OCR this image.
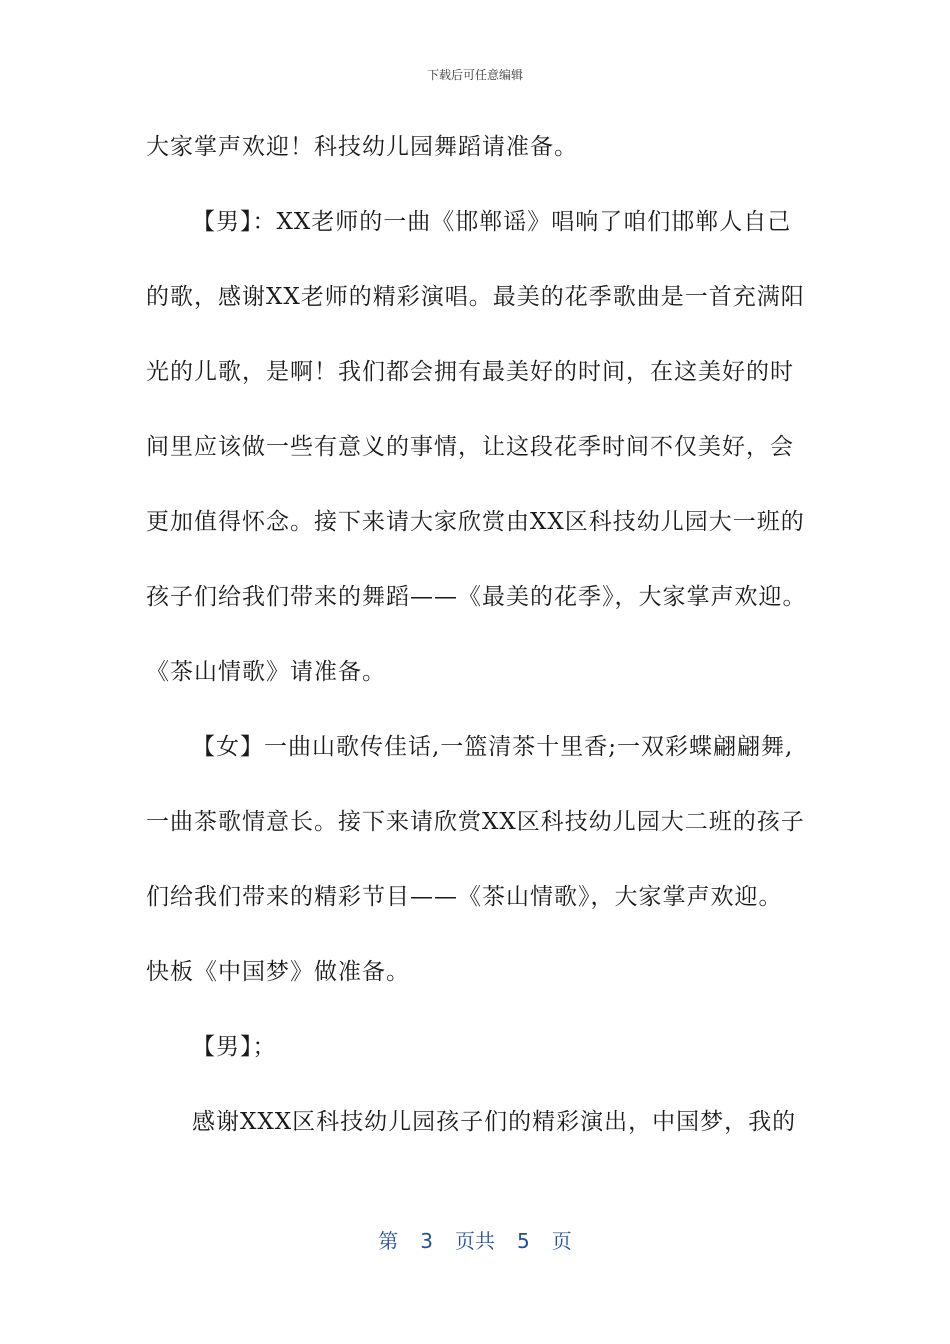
下载后可任意编辑
大家掌声欢迎！科技幼儿园舞蹈请准备。
【男】：XX老师的一曲《邯郸谣》唱响了咱们邯郸人自己
的歌，感谢XX老师的精彩演唱。最美的花季歌曲是一首充满阳
光的儿歌，是啊！我们都会拥有最美好的时间，在这美好的时
间里应该做一些有意义的事情，让这段花季时间不仅美好，会
更加值得怀念。接下来请大家欣赏由XX区科技幼儿园大一班的
孩子们给我们带来的舞蹈——《最美的花季》，大家掌声欢迎。
《茶山情歌》请准备。
【女】一曲山歌传佳话,一篮清茶十里香;一双彩蝶翩翩舞,
一曲茶歌情意长。接下来请欣赏XX区科技幼儿园大二班的孩子
们给我们带来的精彩节目——《茶山情歌》，大家掌声欢迎。
快板《中国梦》做准备。
【男】；
感谢XXX区科技幼儿园孩子们的精彩演出，中国梦，我的
第 3 页共 5 页
